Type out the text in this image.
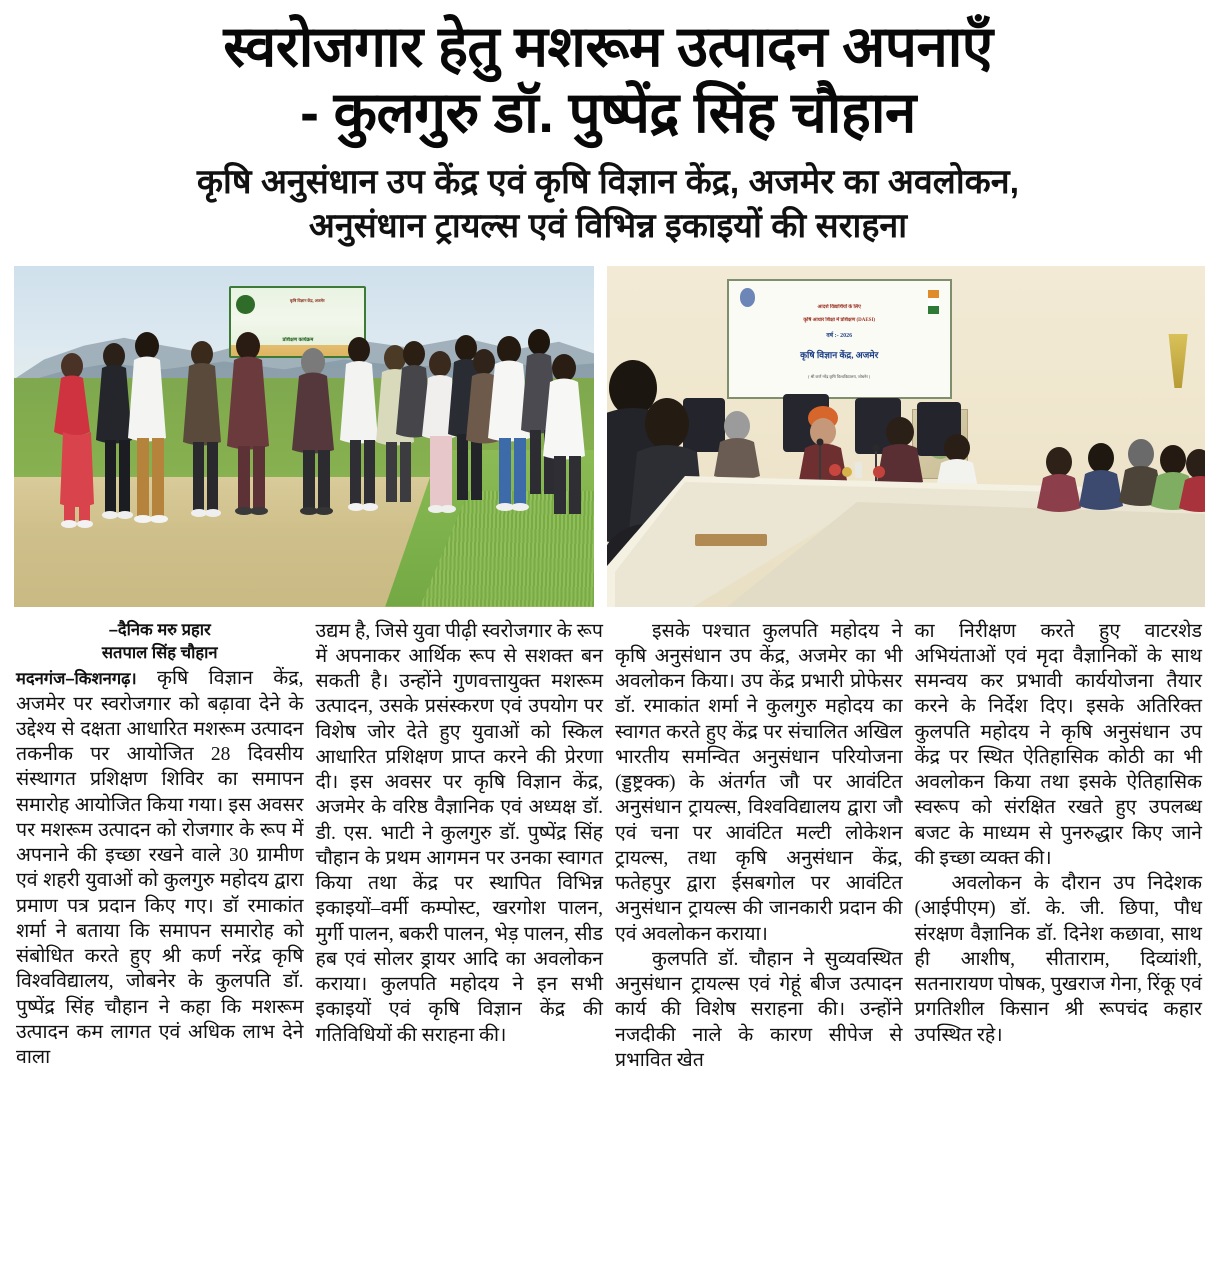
स्वरोजगार हेतु मशरूम उत्पादन अपनाएँ
- कुलगुरु डॉ. पुष्पेंद्र सिंह चौहान
कृषि अनुसंधान उप केंद्र एवं कृषि विज्ञान केंद्र, अजमेर का अवलोकन,
अनुसंधान ट्रायल्स एवं विभिन्न इकाइयों की सराहना
कृषि विज्ञान केंद्र, अजमेर
प्रशिक्षण कार्यक्रम
आदर्श विद्यार्थियों के लिए
कृषि आधार शिक्षा में प्रशिक्षण (DAESI)
वर्ष :- 2026
कृषि विज्ञान केंद्र, अजमेर
( श्री कर्ण नरेंद्र कृषि विश्वविद्यालय, जोबनेर )
–दैनिक मरु प्रहार
सतपाल सिंह चौहान

मदनगंज–किशनगढ़। कृषि विज्ञान केंद्र, अजमेर पर स्वरोजगार को बढ़ावा देने के उद्देश्य से दक्षता आधारित मशरूम उत्पादन तकनीक पर आयोजित 28 दिवसीय संस्थागत प्रशिक्षण शिविर का समापन समारोह आयोजित किया गया। इस अवसर पर मशरूम उत्पादन को रोजगार के रूप में अपनाने की इच्छा रखने वाले 30 ग्रामीण एवं शहरी युवाओं को कुलगुरु महोदय द्वारा प्रमाण पत्र प्रदान किए गए। डॉ रमाकांत शर्मा ने बताया कि समापन समारोह को संबोधित करते हुए श्री कर्ण नरेंद्र कृषि विश्वविद्यालय, जोबनेर के कुलपति डॉ. पुष्पेंद्र सिंह चौहान ने कहा कि मशरूम उत्पादन कम लागत एवं अधिक लाभ देने वाला

उद्यम है, जिसे युवा पीढ़ी स्वरोजगार के रूप में अपनाकर आर्थिक रूप से सशक्त बन सकती है। उन्होंने गुणवत्तायुक्त मशरूम उत्पादन, उसके प्रसंस्करण एवं उपयोग पर विशेष जोर देते हुए युवाओं को स्किल आधारित प्रशिक्षण प्राप्त करने की प्रेरणा दी। इस अवसर पर कृषि विज्ञान केंद्र, अजमेर के वरिष्ठ वैज्ञानिक एवं अध्यक्ष डॉ. डी. एस. भाटी ने कुलगुरु डॉ. पुष्पेंद्र सिंह चौहान के प्रथम आगमन पर उनका स्वागत किया तथा केंद्र पर स्थापित विभिन्न इकाइयों–वर्मी कम्पोस्ट, खरगोश पालन, मुर्गी पालन, बकरी पालन, भेड़ पालन, सीड हब एवं सोलर ड्रायर आदि का अवलोकन कराया। कुलपति महोदय ने इन सभी इकाइयों एवं कृषि विज्ञान केंद्र की गतिविधियों की सराहना की।

इसके पश्चात कुलपति महोदय ने कृषि अनुसंधान उप केंद्र, अजमेर का भी अवलोकन किया। उप केंद्र प्रभारी प्रोफेसर डॉ. रमाकांत शर्मा ने कुलगुरु महोदय का स्वागत करते हुए केंद्र पर संचालित अखिल भारतीय समन्वित अनुसंधान परियोजना (ड्डष्ट्रक्क) के अंतर्गत जौ पर आवंटित अनुसंधान ट्रायल्स, विश्वविद्यालय द्वारा जौ एवं चना पर आवंटित मल्टी लोकेशन ट्रायल्स, तथा कृषि अनुसंधान केंद्र, फतेहपुर द्वारा ईसबगोल पर आवंटित अनुसंधान ट्रायल्स की जानकारी प्रदान की एवं अवलोकन कराया।

कुलपति डॉ. चौहान ने सुव्यवस्थित अनुसंधान ट्रायल्स एवं गेहूं बीज उत्पादन कार्य की विशेष सराहना की। उन्होंने नजदीकी नाले के कारण सीपेज से प्रभावित खेत

का निरीक्षण करते हुए वाटरशेड अभियंताओं एवं मृदा वैज्ञानिकों के साथ समन्वय कर प्रभावी कार्ययोजना तैयार करने के निर्देश दिए। इसके अतिरिक्त कुलपति महोदय ने कृषि अनुसंधान उप केंद्र पर स्थित ऐतिहासिक कोठी का भी अवलोकन किया तथा इसके ऐतिहासिक स्वरूप को संरक्षित रखते हुए उपलब्ध बजट के माध्यम से पुनरुद्धार किए जाने की इच्छा व्यक्त की।

अवलोकन के दौरान उप निदेशक (आईपीएम) डॉ. के. जी. छिपा, पौध संरक्षण वैज्ञानिक डॉ. दिनेश कछावा, साथ ही आशीष, सीताराम, दिव्यांशी, सतनारायण पोषक, पुखराज गेना, रिंकू एवं प्रगतिशील किसान श्री रूपचंद कहार उपस्थित रहे।
